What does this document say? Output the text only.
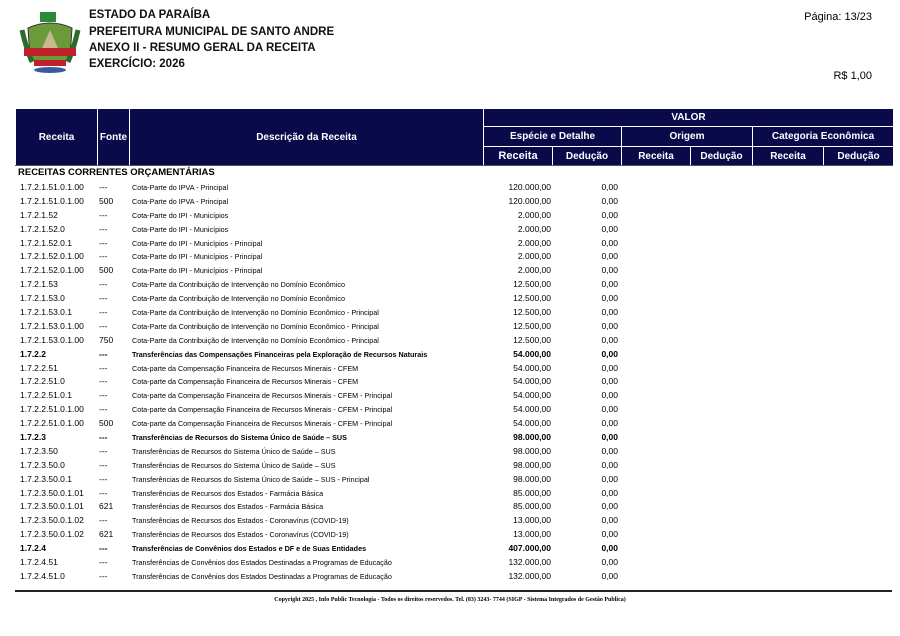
ESTADO DA PARAÍBA
PREFEITURA MUNICIPAL DE SANTO ANDRE
ANEXO II - RESUMO GERAL DA RECEITA
EXERCÍCIO: 2026
Página: 13/23
R$ 1,00
Receita	Fonte	Descrição da Receita	VALOR					
			Espécie e Detalhe		Origem		Categoria Econômica	
			Receita	Dedução	Receita	Dedução	Receita	Dedução
RECEITAS CORRENTES ORÇAMENTÁRIAS
1.7.2.1.51.0.1.00 ---	Cota-Parte do IPVA - Principal	120.000,00	0,00
1.7.2.1.51.0.1.00 500	Cota-Parte do IPVA - Principal	120.000,00	0,00
1.7.2.1.52	---	Cota-Parte do IPI - Municípios	2.000,00	0,00
1.7.2.1.52.0	---	Cota-Parte do IPI - Municípios	2.000,00	0,00
1.7.2.1.52.0.1	---	Cota-Parte do IPI - Municípios - Principal	2.000,00	0,00
1.7.2.1.52.0.1.00 ---	Cota-Parte do IPI - Municípios - Principal	2.000,00	0,00
1.7.2.1.52.0.1.00 500	Cota-Parte do IPI - Municípios - Principal	2.000,00	0,00
1.7.2.1.53	---	Cota-Parte da Contribuição de Intervenção no Domínio Econômico	12.500,00	0,00
1.7.2.1.53.0	---	Cota-Parte da Contribuição de Intervenção no Domínio Econômico	12.500,00	0,00
1.7.2.1.53.0.1	---	Cota-Parte da Contribuição de Intervenção no Domínio Econômico - Principal	12.500,00	0,00
1.7.2.1.53.0.1.00 ---	Cota-Parte da Contribuição de Intervenção no Domínio Econômico - Principal	12.500,00	0,00
1.7.2.1.53.0.1.00 750	Cota-Parte da Contribuição de Intervenção no Domínio Econômico - Principal	12.500,00	0,00
1.7.2.2	---	Transferências das Compensações Financeiras pela Exploração de Recursos Naturais	54.000,00	0,00
1.7.2.2.51	---	Cota-parte da Compensação Financeira de Recursos Minerais - CFEM	54.000,00	0,00
1.7.2.2.51.0	---	Cota-parte da Compensação Financeira de Recursos Minerais - CFEM	54.000,00	0,00
1.7.2.2.51.0.1	---	Cota-parte da Compensação Financeira de Recursos Minerais - CFEM - Principal	54.000,00	0,00
1.7.2.2.51.0.1.00 ---	Cota-parte da Compensação Financeira de Recursos Minerais - CFEM - Principal	54.000,00	0,00
1.7.2.2.51.0.1.00 500	Cota-parte da Compensação Financeira de Recursos Minerais - CFEM - Principal	54.000,00	0,00
1.7.2.3	---	Transferências de Recursos do Sistema Único de Saúde – SUS	98.000,00	0,00
1.7.2.3.50	---	Transferências de Recursos do Sistema Único de Saúde – SUS	98.000,00	0,00
1.7.2.3.50.0	---	Transferências de Recursos do Sistema Único de Saúde – SUS	98.000,00	0,00
1.7.2.3.50.0.1	---	Transferências de Recursos do Sistema Único de Saúde – SUS - Principal	98.000,00	0,00
1.7.2.3.50.0.1.01 ---	Transferências de Recursos dos Estados - Farmácia Básica	85.000,00	0,00
1.7.2.3.50.0.1.01 621	Transferências de Recursos dos Estados - Farmácia Básica	85.000,00	0,00
1.7.2.3.50.0.1.02 ---	Transferências de Recursos dos Estados - Coronavírus (COVID-19)	13.000,00	0,00
1.7.2.3.50.0.1.02 621	Transferências de Recursos dos Estados - Coronavírus (COVID-19)	13.000,00	0,00
1.7.2.4	---	Transferências de Convênios dos Estados e DF e de Suas Entidades	407.000,00	0,00
1.7.2.4.51	---	Transferências de Convênios dos Estados Destinadas a Programas de Educação	132.000,00	0,00
1.7.2.4.51.0	---	Transferências de Convênios dos Estados Destinadas a Programas de Educação	132.000,00	0,00
Copyright 2025 , Info Public Tecnologia - Todos os direitos reservedos. Tel. (83) 3243- 7744 (SIGP - Sistema Integrados de Gestão Publica)
